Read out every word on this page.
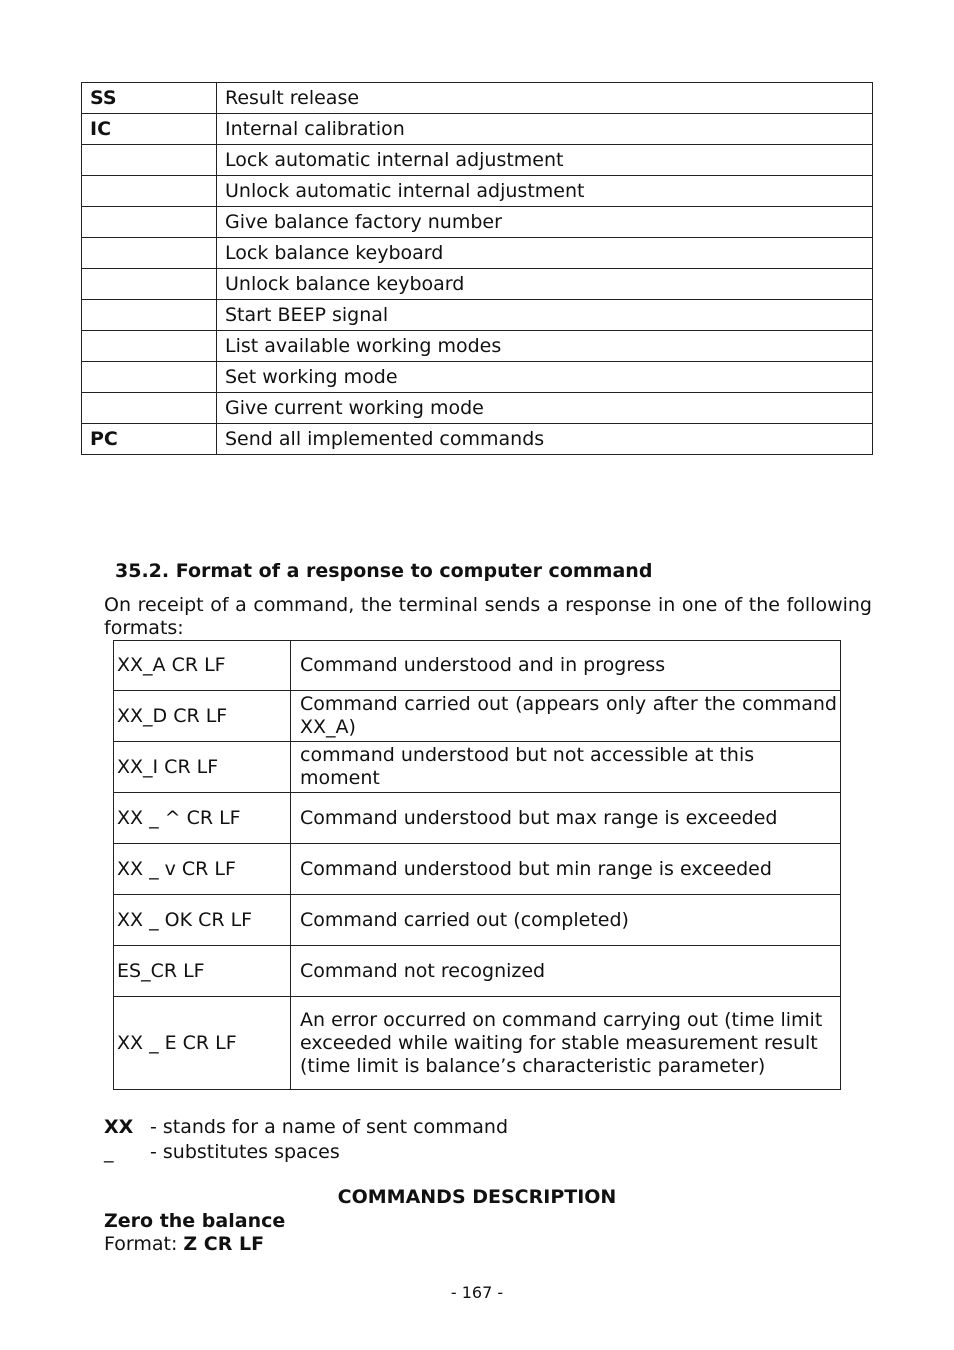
SS	Result release
IC	Internal calibration
	Lock automatic internal adjustment
	Unlock automatic internal adjustment
	Give balance factory number
	Lock balance keyboard
	Unlock balance keyboard
	Start BEEP signal
	List available working modes
	Set working mode
	Give current working mode
PC	Send all implemented commands
35.2. Format of a response to computer command
On receipt of a command, the terminal sends a response in one of the following formats:
XX_A CR LF	Command understood and in progress
XX_D CR LF	Command carried out (appears only after the command XX_A)
XX_I CR LF	command understood but not accessible at this moment
XX _ ^ CR LF	Command understood but max range is exceeded
XX _ v CR LF	Command understood but min range is exceeded
XX _ OK CR LF	Command carried out (completed)
ES_CR LF	Command not recognized
XX _ E CR LF	An error occurred on command carrying out (time limit exceeded while waiting for stable measurement result (time limit is balance’s characteristic parameter)
XX - stands for a name of sent command
_ - substitutes spaces
COMMANDS DESCRIPTION
Zero the balance
Format: Z CR LF
- 167 -
